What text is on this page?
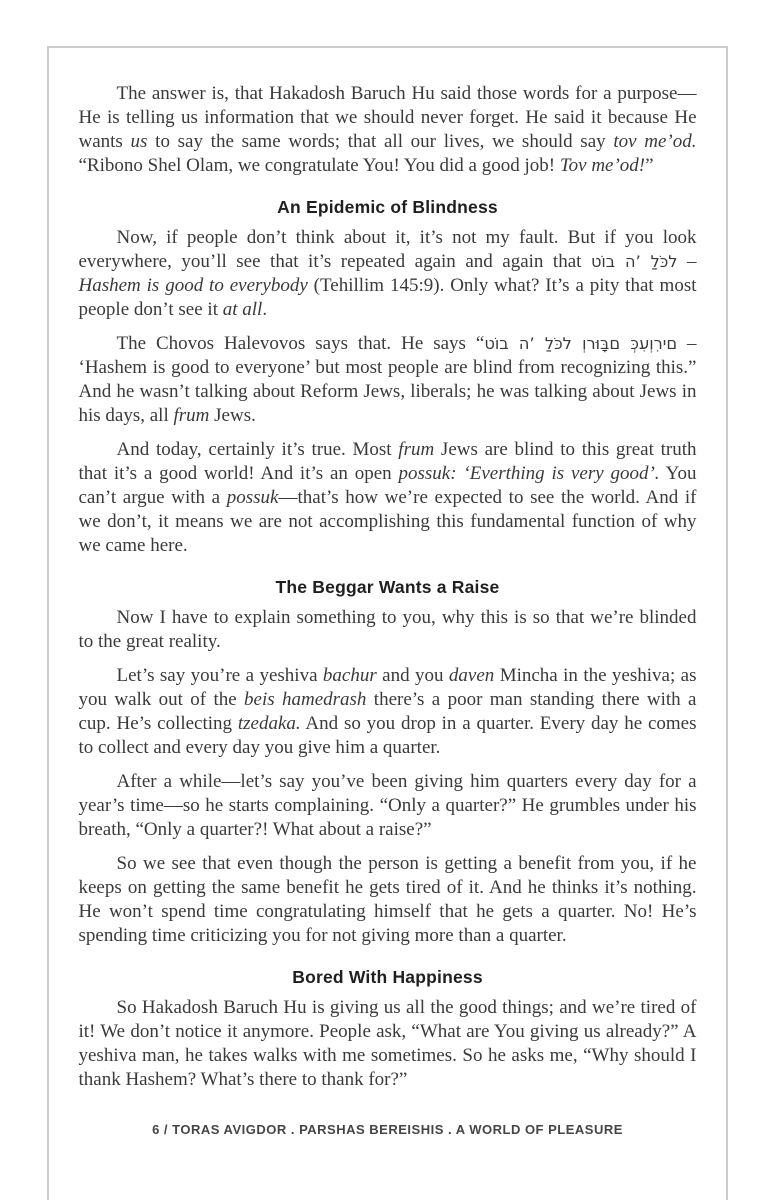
The answer is, that Hakadosh Baruch Hu said those words for a purpose—He is telling us information that we should never forget. He said it because He wants us to say the same words; that all our lives, we should say tov me’od. “Ribono Shel Olam, we congratulate You! You did a good job! Tov me’od!”

An Epidemic of Blindness

Now, if people don’t think about it, it’s not my fault. But if you look everywhere, you’ll see that it’s repeated again and again that טוֹב ה’ לַכֹּל – Hashem is good to everybody (Tehillim 145:9). Only what? It’s a pity that most people don’t see it at all.

The Chovos Halevovos says that. He says “טוֹב ה’ לַכֹּל וְרוּבָּם כְּעִוְרִים – ‘Hashem is good to everyone’ but most people are blind from recognizing this.” And he wasn’t talking about Reform Jews, liberals; he was talking about Jews in his days, all frum Jews.

And today, certainly it’s true. Most frum Jews are blind to this great truth that it’s a good world! And it’s an open possuk: ‘Everthing is very good’. You can’t argue with a possuk—that’s how we’re expected to see the world. And if we don’t, it means we are not accomplishing this fundamental function of why we came here.

The Beggar Wants a Raise

Now I have to explain something to you, why this is so that we’re blinded to the great reality.

Let’s say you’re a yeshiva bachur and you daven Mincha in the yeshiva; as you walk out of the beis hamedrash there’s a poor man standing there with a cup. He’s collecting tzedaka. And so you drop in a quarter. Every day he comes to collect and every day you give him a quarter.

After a while—let’s say you’ve been giving him quarters every day for a year’s time—so he starts complaining. “Only a quarter?” He grumbles under his breath, “Only a quarter?! What about a raise?”

So we see that even though the person is getting a benefit from you, if he keeps on getting the same benefit he gets tired of it. And he thinks it’s nothing. He won’t spend time congratulating himself that he gets a quarter. No! He’s spending time criticizing you for not giving more than a quarter.

Bored With Happiness

So Hakadosh Baruch Hu is giving us all the good things; and we’re tired of it! We don’t notice it anymore. People ask, “What are You giving us already?” A yeshiva man, he takes walks with me sometimes. So he asks me, “Why should I thank Hashem? What’s there to thank for?”

6 / TORAS AVIGDOR . PARSHAS BEREISHIS . A WORLD OF PLEASURE
